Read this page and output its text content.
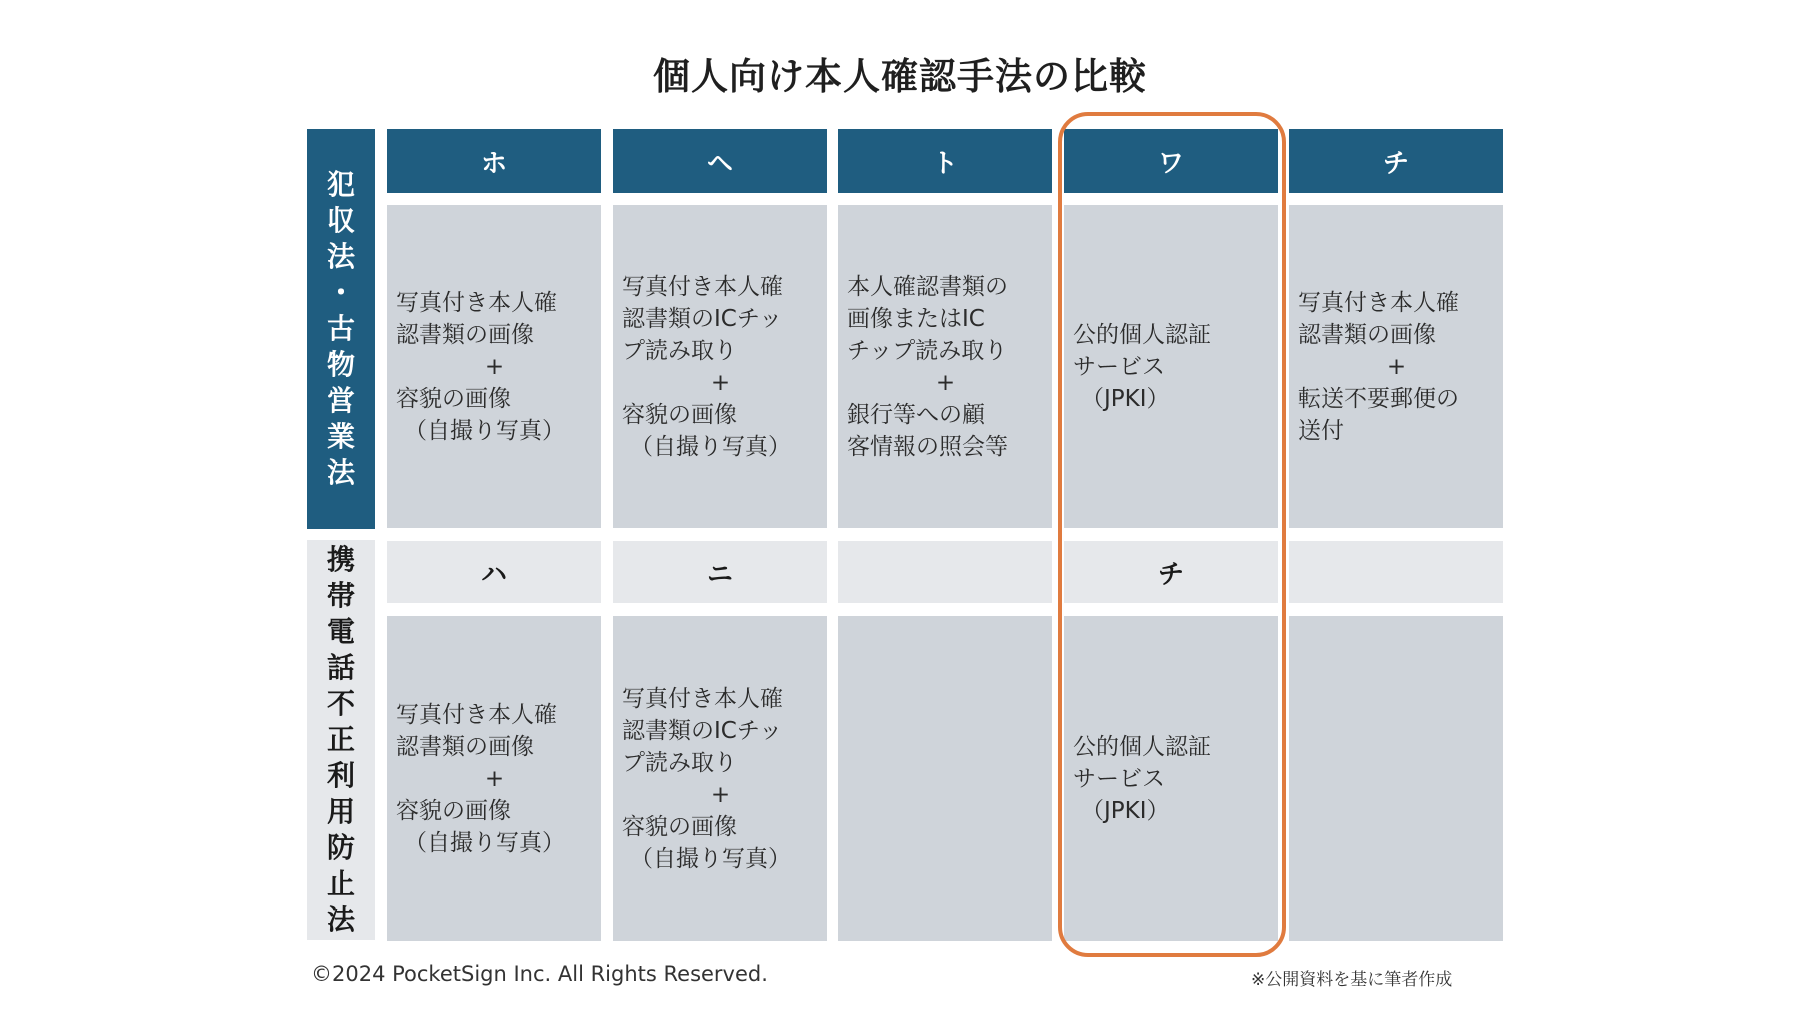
個人向け本人確認手法の比較
犯
収
法
・
古
物
営
業
法
携
帯
電
話
不
正
利
用
防
止
法
ホ
写真付き本人確
認書類の画像
+
容貌の画像
（自撮り写真）
ハ
写真付き本人確
認書類の画像
+
容貌の画像
（自撮り写真）
ヘ
写真付き本人確
認書類のICチッ
プ読み取り
+
容貌の画像
（自撮り写真）
ニ
写真付き本人確
認書類のICチッ
プ読み取り
+
容貌の画像
（自撮り写真）
ト
本人確認書類の
画像またはIC
チップ読み取り
+
銀行等への顧
客情報の照会等
ワ
公的個人認証
サービス
（JPKI）
チ
公的個人認証
サービス
（JPKI）
チ
写真付き本人確
認書類の画像
+
転送不要郵便の
送付
©2024 PocketSign Inc. All Rights Reserved.	※公開資料を基に筆者作成
